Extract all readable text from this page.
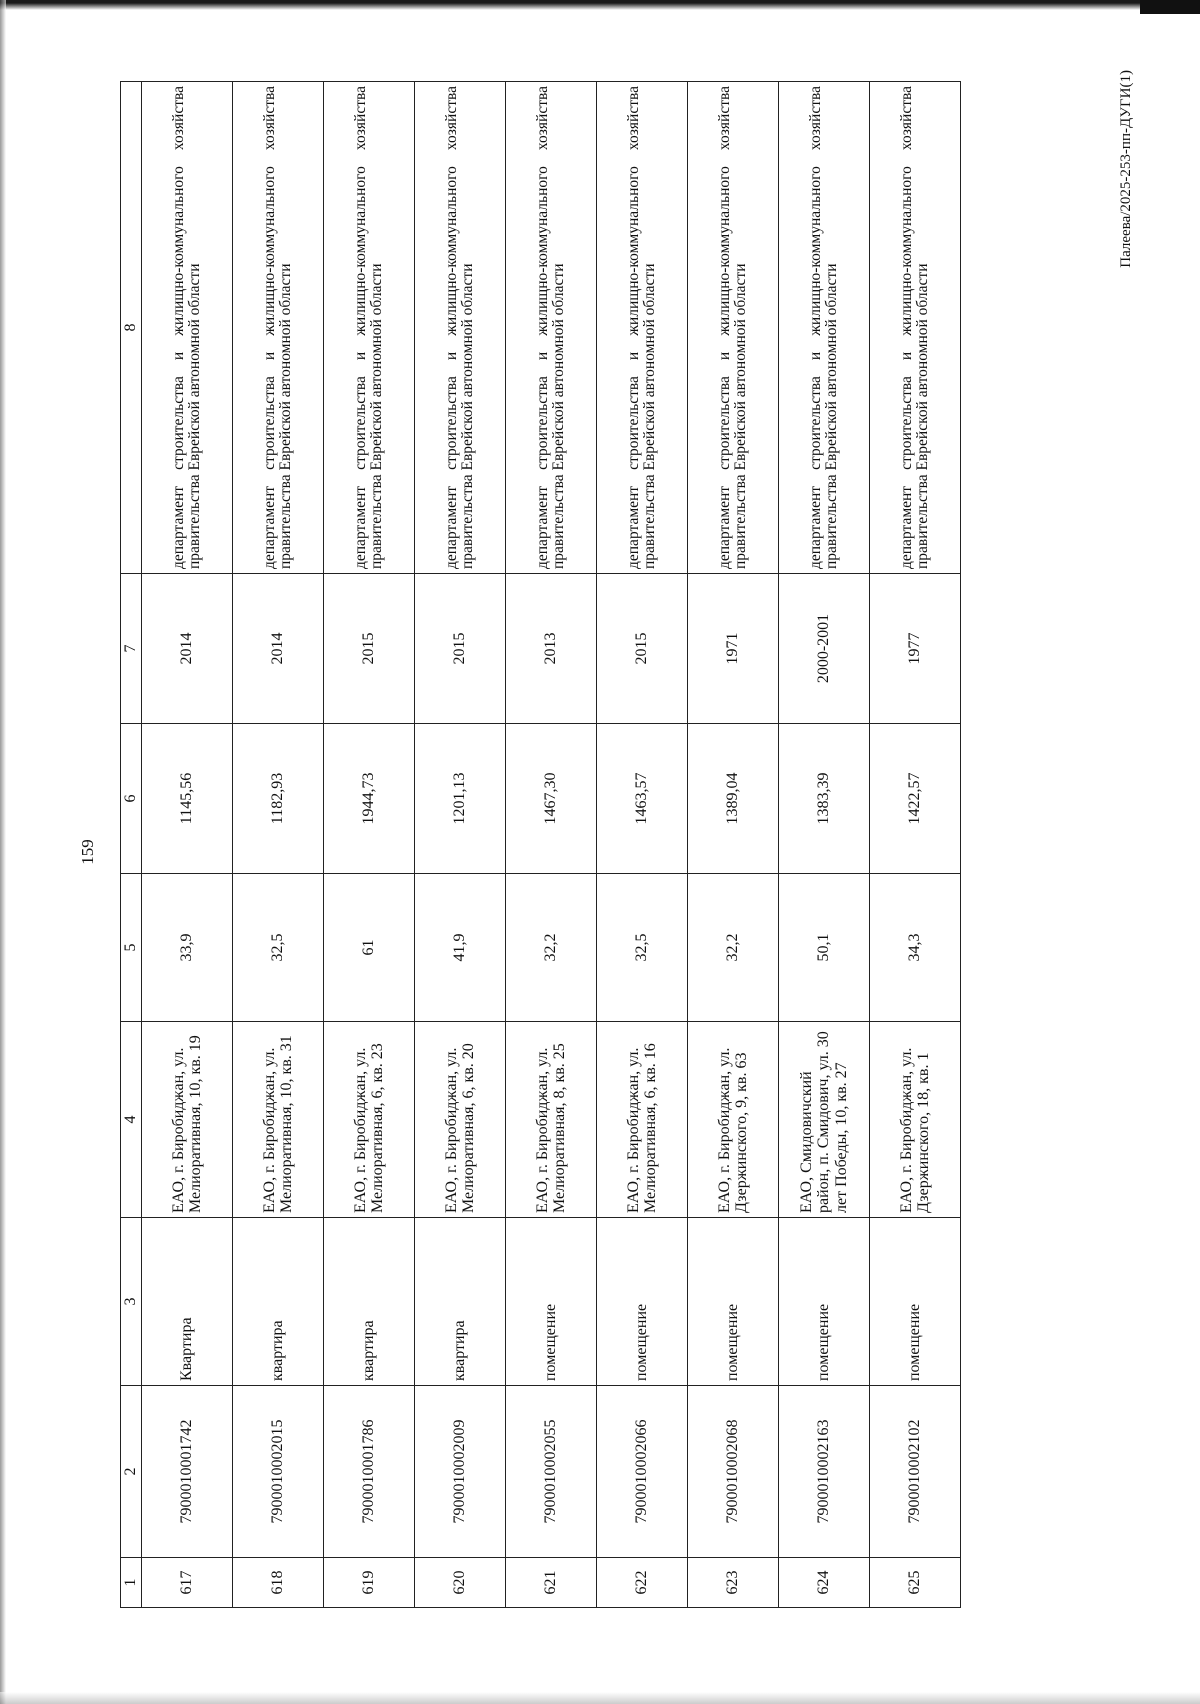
159
1	2	3	4	5	6	7	8
617	7900010001742	Квартира	ЕАО, г. Биробиджан, ул. Мелиоративная, 10, кв. 19	33,9	1145,56	2014	департамент строительства и жилищно-коммунального хозяйства правительства Еврейской автономной области
618	7900010002015	квартира	ЕАО, г. Биробиджан, ул. Мелиоративная, 10, кв. 31	32,5	1182,93	2014	департамент строительства и жилищно-коммунального хозяйства правительства Еврейской автономной области
619	7900010001786	квартира	ЕАО, г. Биробиджан, ул. Мелиоративная, 6, кв. 23	61	1944,73	2015	департамент строительства и жилищно-коммунального хозяйства правительства Еврейской автономной области
620	7900010002009	квартира	ЕАО, г. Биробиджан, ул. Мелиоративная, 6, кв. 20	41,9	1201,13	2015	департамент строительства и жилищно-коммунального хозяйства правительства Еврейской автономной области
621	7900010002055	помещение	ЕАО, г. Биробиджан, ул. Мелиоративная, 8, кв. 25	32,2	1467,30	2013	департамент строительства и жилищно-коммунального хозяйства правительства Еврейской автономной области
622	7900010002066	помещение	ЕАО, г. Биробиджан, ул. Мелиоративная, 6, кв. 16	32,5	1463,57	2015	департамент строительства и жилищно-коммунального хозяйства правительства Еврейской автономной области
623	7900010002068	помещение	ЕАО, г. Биробиджан, ул. Дзержинского, 9, кв. 63	32,2	1389,04	1971	департамент строительства и жилищно-коммунального хозяйства правительства Еврейской автономной области
624	7900010002163	помещение	ЕАО, Смидовичский район, п. Смидович, ул. 30 лет Победы, 10, кв. 27	50,1	1383,39	2000-2001	департамент строительства и жилищно-коммунального хозяйства правительства Еврейской автономной области
625	7900010002102	помещение	ЕАО, г. Биробиджан, ул. Дзержинского, 18, кв. 1	34,3	1422,57	1977	департамент строительства и жилищно-коммунального хозяйства правительства Еврейской автономной области
Палеева/2025-253-пп-ДУГИ(1)
